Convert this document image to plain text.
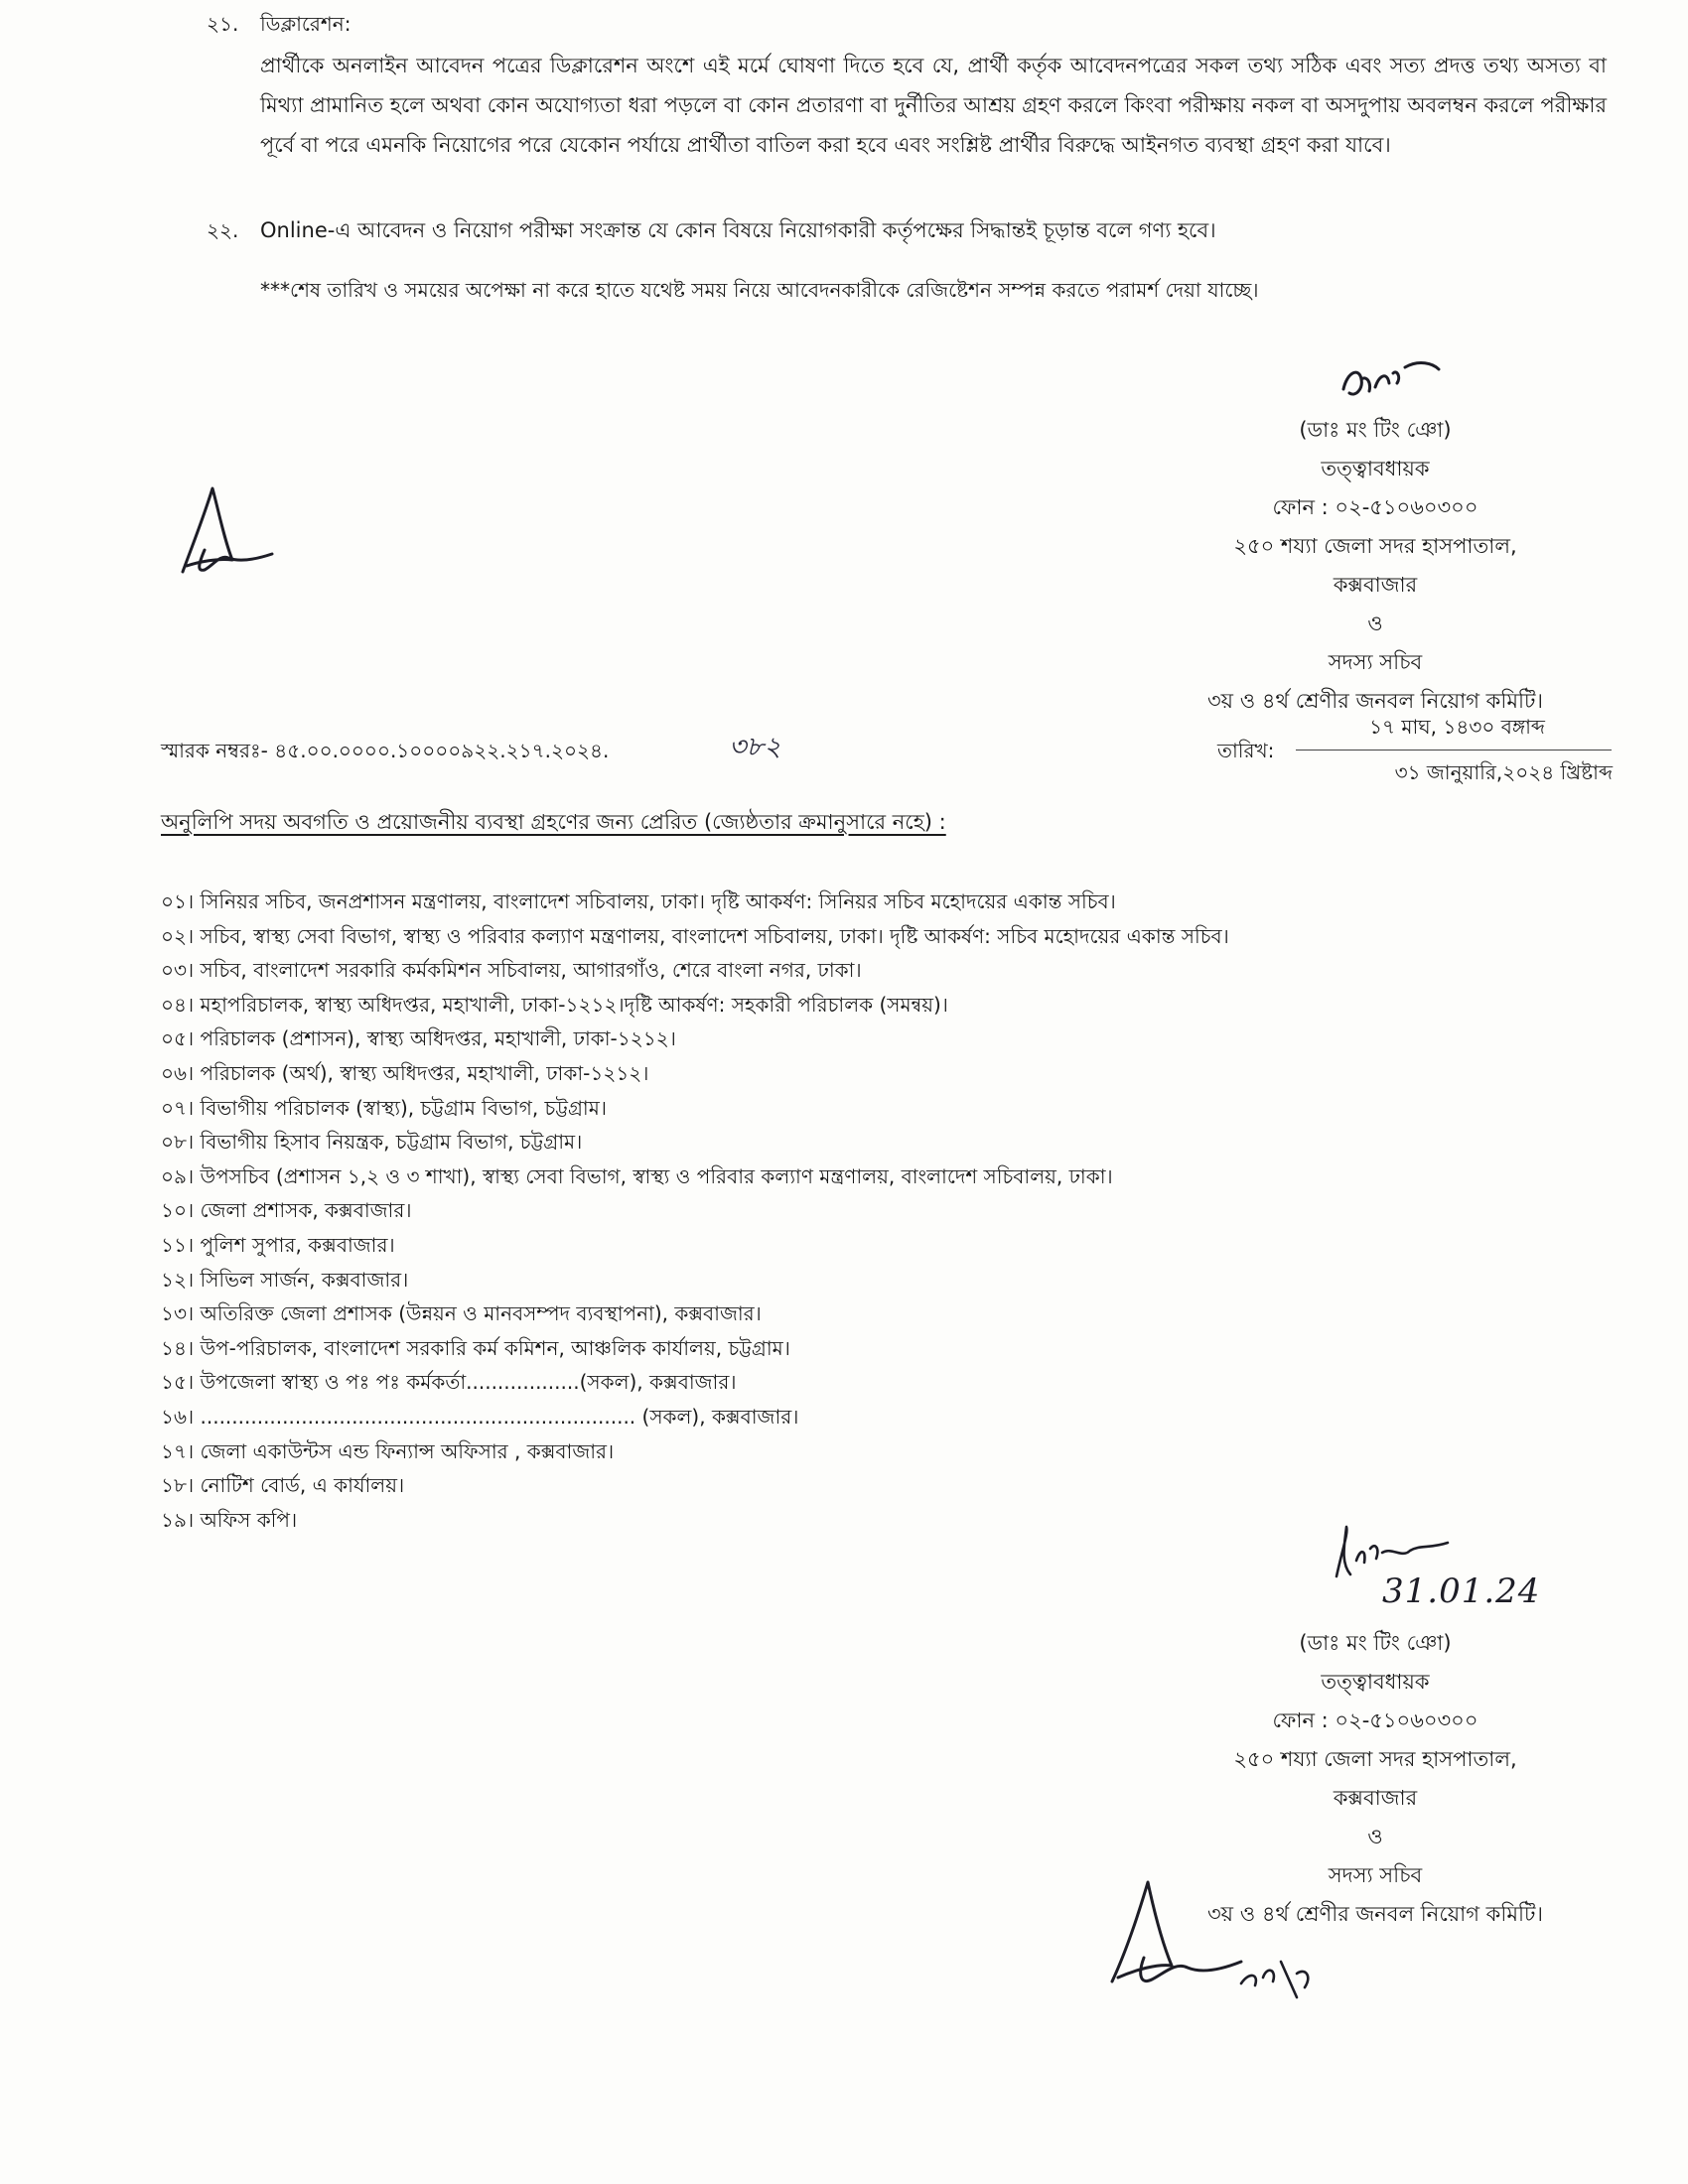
২১. ডিক্লারেশন:
প্রার্থীকে অনলাইন আবেদন পত্রের ডিক্লারেশন অংশে এই মর্মে ঘোষণা দিতে হবে যে, প্রার্থী কর্তৃক আবেদনপত্রের সকল তথ্য সঠিক এবং সত্য প্রদত্ত তথ্য অসত্য বা মিথ্যা প্রামানিত হলে অথবা কোন অযোগ্যতা ধরা পড়লে বা কোন প্রতারণা বা দুর্নীতির আশ্রয় গ্রহণ করলে কিংবা পরীক্ষায় নকল বা অসদুপায় অবলম্বন করলে পরীক্ষার পূর্বে বা পরে এমনকি নিয়োগের পরে যেকোন পর্যায়ে প্রার্থীতা বাতিল করা হবে এবং সংশ্লিষ্ট প্রার্থীর বিরুদ্ধে আইনগত ব্যবস্থা গ্রহণ করা যাবে।
২২. Online-এ আবেদন ও নিয়োগ পরীক্ষা সংক্রান্ত যে কোন বিষয়ে নিয়োগকারী কর্তৃপক্ষের সিদ্ধান্তই চূড়ান্ত বলে গণ্য হবে।
***শেষ তারিখ ও সময়ের অপেক্ষা না করে হাতে যথেষ্ট সময় নিয়ে আবেদনকারীকে রেজিষ্টেশন সম্পন্ন করতে পরামর্শ দেয়া যাচ্ছে।
(ডাঃ মং টিং ঞো)
তত্ত্বাবধায়ক
ফোন : ০২-৫১০৬০৩০০
২৫০ শয্যা জেলা সদর হাসপাতাল,
কক্সবাজার
ও
সদস্য সচিব
৩য় ও ৪র্থ শ্রেণীর জনবল নিয়োগ কমিটি।
স্মারক নম্বরঃ- ৪৫.০০.০০০০.১০০০০৯২২.২১৭.২০২৪.	৩৮২	তারিখ:
১৭ মাঘ, ১৪৩০ বঙ্গাব্দ
৩১ জানুয়ারি,২০২৪ খ্রিষ্টাব্দ
অনুলিপি সদয় অবগতি ও প্রয়োজনীয় ব্যবস্থা গ্রহণের জন্য প্রেরিত (জ্যেষ্ঠতার ক্রমানুসারে নহে) :
০১। সিনিয়র সচিব, জনপ্রশাসন মন্ত্রণালয়, বাংলাদেশ সচিবালয়, ঢাকা। দৃষ্টি আকর্ষণ: সিনিয়র সচিব মহোদয়ের একান্ত সচিব।
০২। সচিব, স্বাস্থ্য সেবা বিভাগ, স্বাস্থ্য ও পরিবার কল্যাণ মন্ত্রণালয়, বাংলাদেশ সচিবালয়, ঢাকা। দৃষ্টি আকর্ষণ: সচিব মহোদয়ের একান্ত সচিব।
০৩। সচিব, বাংলাদেশ সরকারি কর্মকমিশন সচিবালয়, আগারগাঁও, শেরে বাংলা নগর, ঢাকা।
০৪। মহাপরিচালক, স্বাস্থ্য অধিদপ্তর, মহাখালী, ঢাকা-১২১২।দৃষ্টি আকর্ষণ: সহকারী পরিচালক (সমন্বয়)।
০৫। পরিচালক (প্রশাসন), স্বাস্থ্য অধিদপ্তর, মহাখালী, ঢাকা-১২১২।
০৬। পরিচালক (অর্থ), স্বাস্থ্য অধিদপ্তর, মহাখালী, ঢাকা-১২১২।
০৭। বিভাগীয় পরিচালক (স্বাস্থ্য), চট্টগ্রাম বিভাগ, চট্টগ্রাম।
০৮। বিভাগীয় হিসাব নিয়ন্ত্রক, চট্টগ্রাম বিভাগ, চট্টগ্রাম।
০৯। উপসচিব (প্রশাসন ১,২ ও ৩ শাখা), স্বাস্থ্য সেবা বিভাগ, স্বাস্থ্য ও পরিবার কল্যাণ মন্ত্রণালয়, বাংলাদেশ সচিবালয়, ঢাকা।
১০। জেলা প্রশাসক, কক্সবাজার।
১১। পুলিশ সুপার, কক্সবাজার।
১২। সিভিল সার্জন, কক্সবাজার।
১৩। অতিরিক্ত জেলা প্রশাসক (উন্নয়ন ও মানবসম্পদ ব্যবস্থাপনা), কক্সবাজার।
১৪। উপ-পরিচালক, বাংলাদেশ সরকারি কর্ম কমিশন, আঞ্চলিক কার্যালয়, চট্টগ্রাম।
১৫। উপজেলা স্বাস্থ্য ও পঃ পঃ কর্মকর্তা..................(সকল), কক্সবাজার।
১৬। ..................................................................... (সকল), কক্সবাজার।
১৭। জেলা একাউন্টস এন্ড ফিন্যান্স অফিসার , কক্সবাজার।
১৮। নোটিশ বোর্ড, এ কার্যালয়।
১৯। অফিস কপি।
31.01.24
(ডাঃ মং টিং ঞো)
তত্ত্বাবধায়ক
ফোন : ০২-৫১০৬০৩০০
২৫০ শয্যা জেলা সদর হাসপাতাল,
কক্সবাজার
ও
সদস্য সচিব
৩য় ও ৪র্থ শ্রেণীর জনবল নিয়োগ কমিটি।
